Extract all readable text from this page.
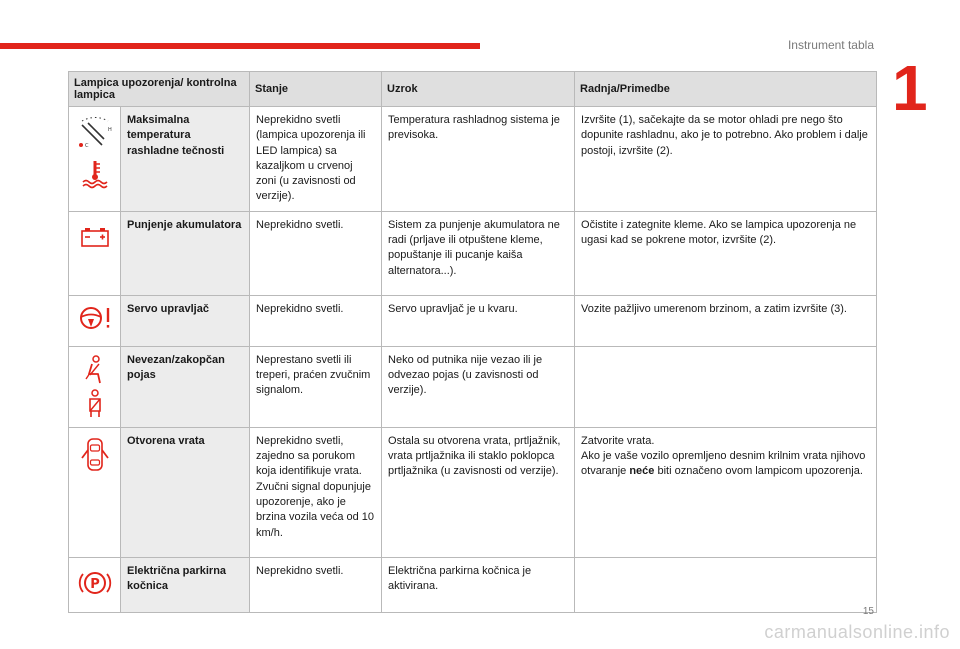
Instrument tabla
1
Lampica upozorenja/ kontrolna lampica		Stanje	Uzrok	Radnja/Primedbe

H
C	Maksimalna temperatura rashladne tečnosti	Neprekidno svetli (lampica upozorenja ili LED lampica) sa kazaljkom u crvenoj zoni (u zavisnosti od verzije).	Temperatura rashladnog sistema je previsoka.	Izvršite (1), sačekajte da se motor ohladi pre nego što dopunite rashladnu, ako je to potrebno. Ako problem i dalje postoji, izvršite (2).

	Punjenje akumulatora	Neprekidno svetli.	Sistem za punjenje akumulatora ne radi (prljave ili otpuštene kleme, popuštanje ili pucanje kaiša alternatora...).	Očistite i zategnite kleme. Ako se lampica upozorenja ne ugasi kad se pokrene motor, izvršite (2).

	Servo upravljač	Neprekidno svetli.	Servo upravljač je u kvaru.	Vozite pažljivo umerenom brzinom, a zatim izvršite (3).

	Nevezan/zakopčan pojas	Neprestano svetli ili treperi, praćen zvučnim signalom.	Neko od putnika nije vezao ili je odvezao pojas (u zavisnosti od verzije).	

	Otvorena vrata	Neprekidno svetli, zajedno sa porukom koja identifikuje vrata. Zvučni signal dopunjuje upozorenje, ako je brzina vozila veća od 10 km/h.	Ostala su otvorena vrata, prtljažnik, vrata prtljažnika ili staklo poklopca prtljažnika (u zavisnosti od verzije).	Zatvorite vrata.
Ako je vaše vozilo opremljeno desnim krilnim vrata njihovo otvaranje neće biti označeno ovom lampicom upozorenja.

P	Električna parkirna kočnica	Neprekidno svetli.	Električna parkirna kočnica je aktivirana.	
15
carmanualsonline.info
